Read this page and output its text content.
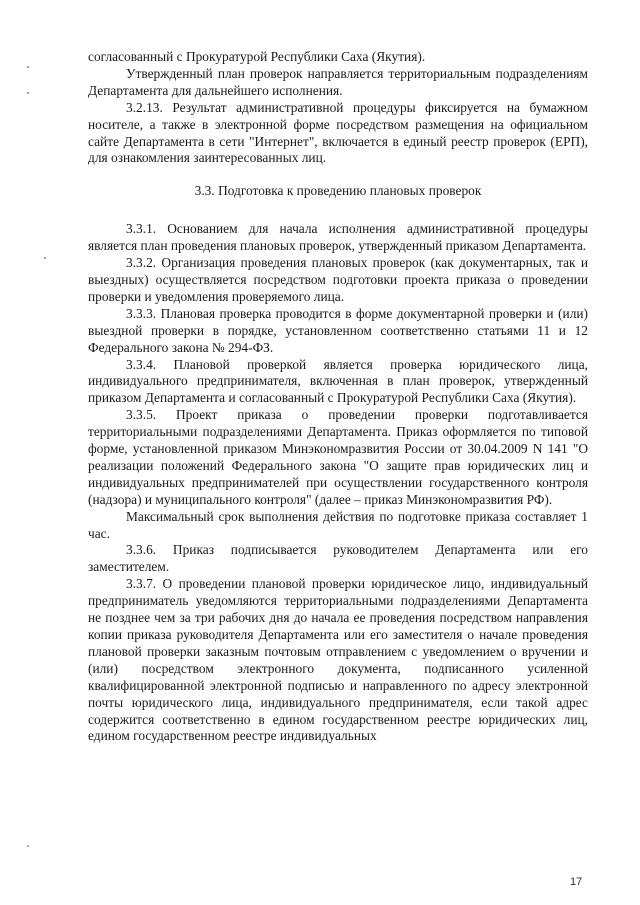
согласованный с Прокуратурой Республики Саха (Якутия).

Утвержденный план проверок направляется территориальным подразделениям Департамента для дальнейшего исполнения.

3.2.13. Результат административной процедуры фиксируется на бумажном носителе, а также в электронной форме посредством размещения на официальном сайте Департамента в сети "Интернет", включается в единый реестр проверок (ЕРП), для ознакомления заинтересованных лиц.

3.3. Подготовка к проведению плановых проверок

3.3.1. Основанием для начала исполнения административной процедуры является план проведения плановых проверок, утвержденный приказом Департамента.

3.3.2. Организация проведения плановых проверок (как документарных, так и выездных) осуществляется посредством подготовки проекта приказа о проведении проверки и уведомления проверяемого лица.

3.3.3. Плановая проверка проводится в форме документарной проверки и (или) выездной проверки в порядке, установленном соответственно статьями 11 и 12 Федерального закона № 294-ФЗ.

3.3.4. Плановой проверкой является проверка юридического лица, индивидуального предпринимателя, включенная в план проверок, утвержденный приказом Департамента и согласованный с Прокуратурой Республики Саха (Якутия).

3.3.5. Проект приказа о проведении проверки подготавливается территориальными подразделениями Департамента. Приказ оформляется по типовой форме, установленной приказом Минэкономразвития России от 30.04.2009 N 141 "О реализации положений Федерального закона "О защите прав юридических лиц и индивидуальных предпринимателей при осуществлении государственного контроля (надзора) и муниципального контроля" (далее – приказ Минэкономразвития РФ).

Максимальный срок выполнения действия по подготовке приказа составляет 1 час.

3.3.6. Приказ подписывается руководителем Департамента или его заместителем.

3.3.7. О проведении плановой проверки юридическое лицо, индивидуальный предприниматель уведомляются территориальными подразделениями Департамента не позднее чем за три рабочих дня до начала ее проведения посредством направления копии приказа руководителя Департамента или его заместителя о начале проведения плановой проверки заказным почтовым отправлением с уведомлением о вручении и (или) посредством электронного документа, подписанного усиленной квалифицированной электронной подписью и направленного по адресу электронной почты юридического лица, индивидуального предпринимателя, если такой адрес содержится соответственно в едином государственном реестре юридических лиц, едином государственном реестре индивидуальных

17
